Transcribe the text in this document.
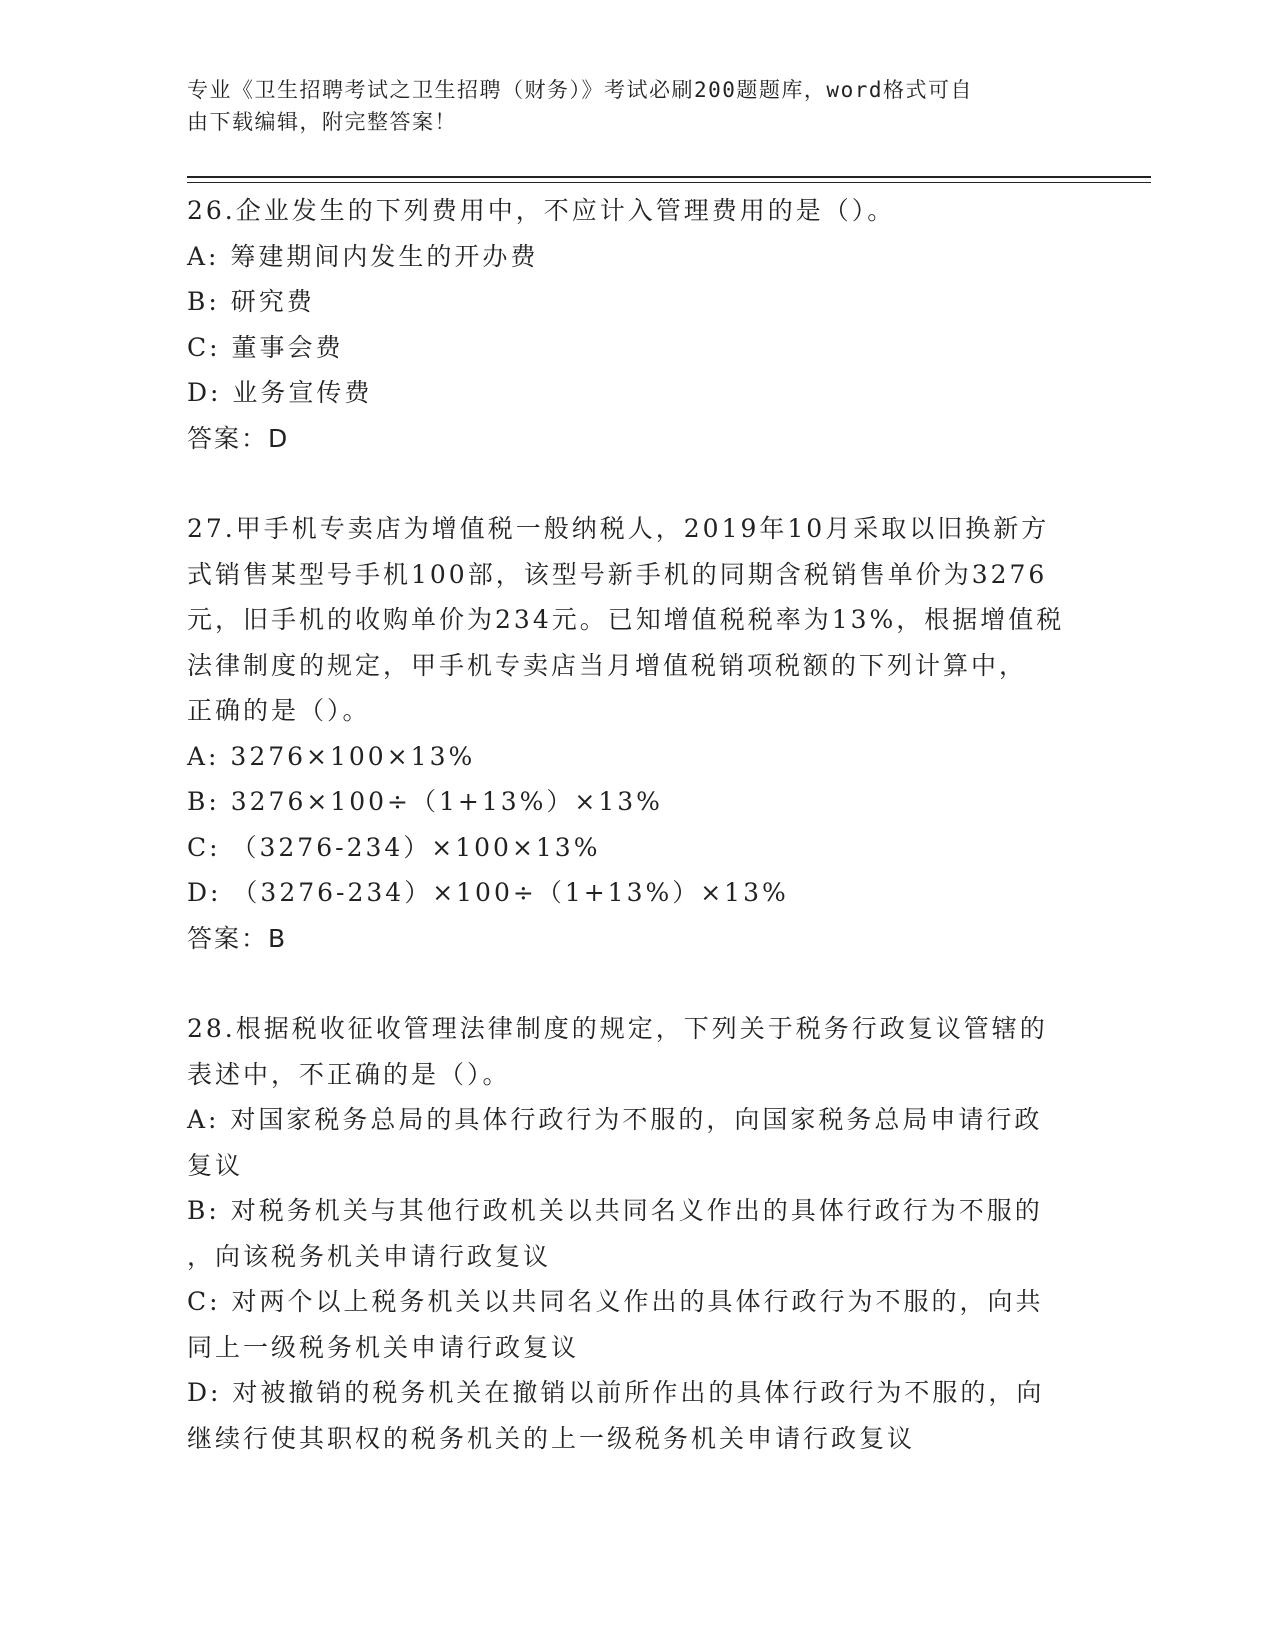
专业《卫生招聘考试之卫生招聘（财务）》考试必刷200题题库，word格式可自
由下载编辑，附完整答案！
26.企业发生的下列费用中，不应计入管理费用的是（）。
A: 筹建期间内发生的开办费
B: 研究费
C: 董事会费
D: 业务宣传费
答案：D
27.甲手机专卖店为增值税一般纳税人，2019年10月采取以旧换新方
式销售某型号手机100部，该型号新手机的同期含税销售单价为3276
元，旧手机的收购单价为234元。已知增值税税率为13%，根据增值税
法律制度的规定，甲手机专卖店当月增值税销项税额的下列计算中，
正确的是（）。
A: 3276×100×13%
B: 3276×100÷（1+13%）×13%
C: （3276-234）×100×13%
D: （3276-234）×100÷（1+13%）×13%
答案：B
28.根据税收征收管理法律制度的规定，下列关于税务行政复议管辖的
表述中，不正确的是（）。
A: 对国家税务总局的具体行政行为不服的，向国家税务总局申请行政
复议
B: 对税务机关与其他行政机关以共同名义作出的具体行政行为不服的
，向该税务机关申请行政复议
C: 对两个以上税务机关以共同名义作出的具体行政行为不服的，向共
同上一级税务机关申请行政复议
D: 对被撤销的税务机关在撤销以前所作出的具体行政行为不服的，向
继续行使其职权的税务机关的上一级税务机关申请行政复议
